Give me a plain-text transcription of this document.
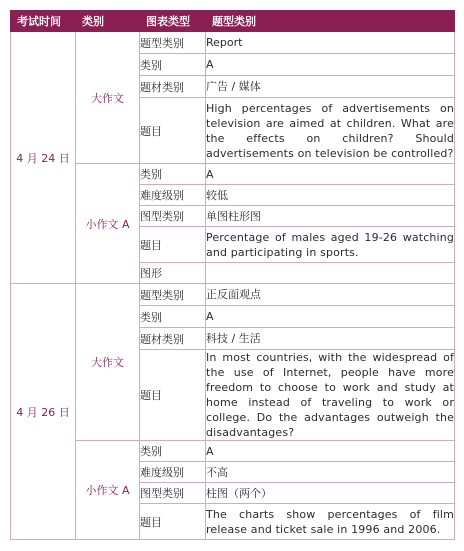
考试时间	类别	图表类型	题型类别
4 月 24 日	大作文	题型类别	Report
		类别	A
		题材类别	广告 / 媒体
		题目	High percentages of advertisements on television are aimed at children. What are the effects on children? Should advertisements on television be controlled?
	小作文 A	类别	A
		难度级别	较低
		图型类别	单图柱形图
		题目	Percentage of males aged 19-26 watching and participating in sports.
		图形	
4 月 26 日	大作文	题型类别	正反面观点
		类别	A
		题材类别	科技 / 生活
		题目	In most countries, with the widespread of the use of Internet, people have more freedom to choose to work and study at home instead of traveling to work or college. Do the advantages outweigh the disadvantages?
	小作文 A	类别	A
		难度级别	不高
		图型类别	柱图（两个）
		题目	The charts show percentages of film release and ticket sale in 1996 and 2006.
